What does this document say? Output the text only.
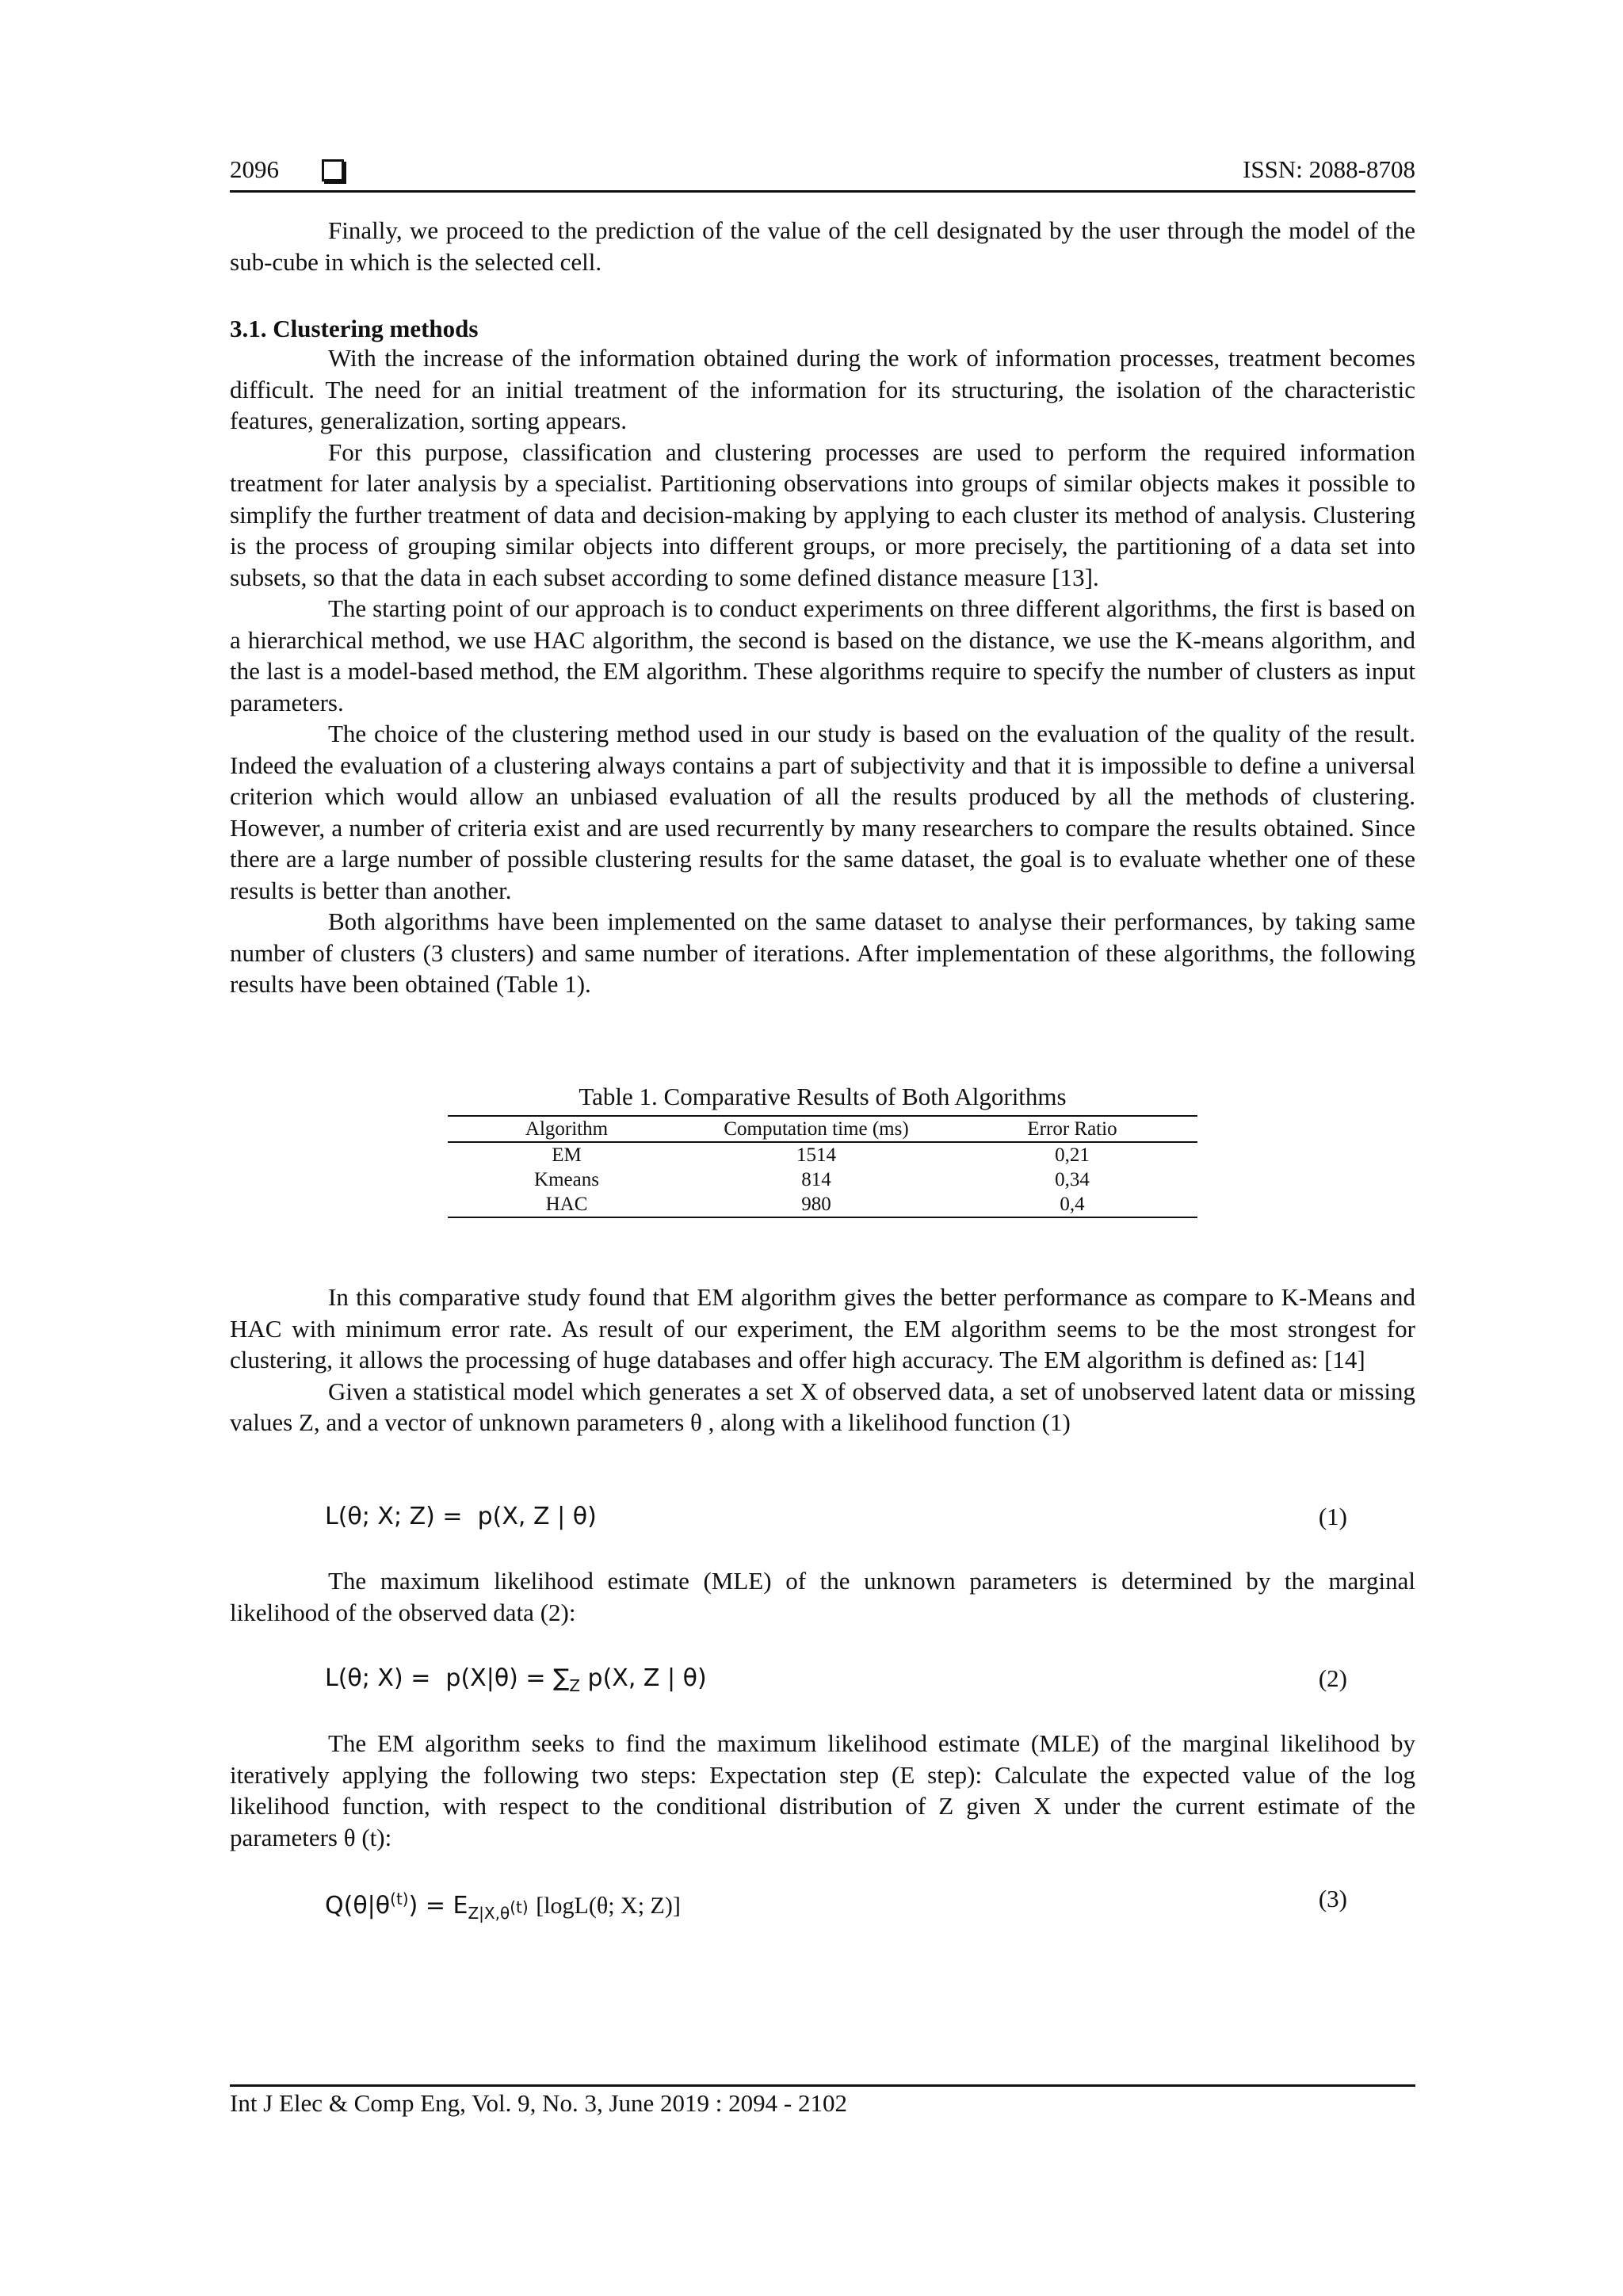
2096	ISSN: 2088-8708

Finally, we proceed to the prediction of the value of the cell designated by the user through the model of the sub-cube in which is the selected cell.

3.1. Clustering methods

With the increase of the information obtained during the work of information processes, treatment becomes difficult. The need for an initial treatment of the information for its structuring, the isolation of the characteristic features, generalization, sorting appears.

For this purpose, classification and clustering processes are used to perform the required information treatment for later analysis by a specialist. Partitioning observations into groups of similar objects makes it possible to simplify the further treatment of data and decision-making by applying to each cluster its method of analysis. Clustering is the process of grouping similar objects into different groups, or more precisely, the partitioning of a data set into subsets, so that the data in each subset according to some defined distance measure [13].

The starting point of our approach is to conduct experiments on three different algorithms, the first is based on a hierarchical method, we use HAC algorithm, the second is based on the distance, we use the K-means algorithm, and the last is a model-based method, the EM algorithm. These algorithms require to specify the number of clusters as input parameters.

The choice of the clustering method used in our study is based on the evaluation of the quality of the result. Indeed the evaluation of a clustering always contains a part of subjectivity and that it is impossible to define a universal criterion which would allow an unbiased evaluation of all the results produced by all the methods of clustering. However, a number of criteria exist and are used recurrently by many researchers to compare the results obtained. Since there are a large number of possible clustering results for the same dataset, the goal is to evaluate whether one of these results is better than another.

Both algorithms have been implemented on the same dataset to analyse their performances, by taking same number of clusters (3 clusters) and same number of iterations. After implementation of these algorithms, the following results have been obtained (Table 1).

Table 1. Comparative Results of Both Algorithms
Algorithm	Computation time (ms)	Error Ratio
EM	1514	0,21
Kmeans	814	0,34
HAC	980	0,4

In this comparative study found that EM algorithm gives the better performance as compare to K-Means and HAC with minimum error rate. As result of our experiment, the EM algorithm seems to be the most strongest for clustering, it allows the processing of huge databases and offer high accuracy. The EM algorithm is defined as: [14]

Given a statistical model which generates a set X of observed data, a set of unobserved latent data or missing values Z, and a vector of unknown parameters θ , along with a likelihood function (1)

L(θ; X; Z) =  p(X, Z | θ)	(1)

The maximum likelihood estimate (MLE) of the unknown parameters is determined by the marginal likelihood of the observed data (2):

L(θ; $X) = p(X|\theta) = \sum_Z$ p(X, Z | θ)	(2)

The EM algorithm seeks to find the maximum likelihood estimate (MLE) of the marginal likelihood by iteratively applying the following two steps: Expectation step (E step): Calculate the expected value of the log likelihood function, with respect to the conditional distribution of Z given X under the current estimate of the parameters θ (t):

$Q(\theta|\theta^{(t)}) = E_{Z|X,\theta^{(t)}}$ [logL(θ; X; Z)]	(3)
Int J Elec & Comp Eng, Vol. 9, No. 3, June 2019 : 2094 - 2102
